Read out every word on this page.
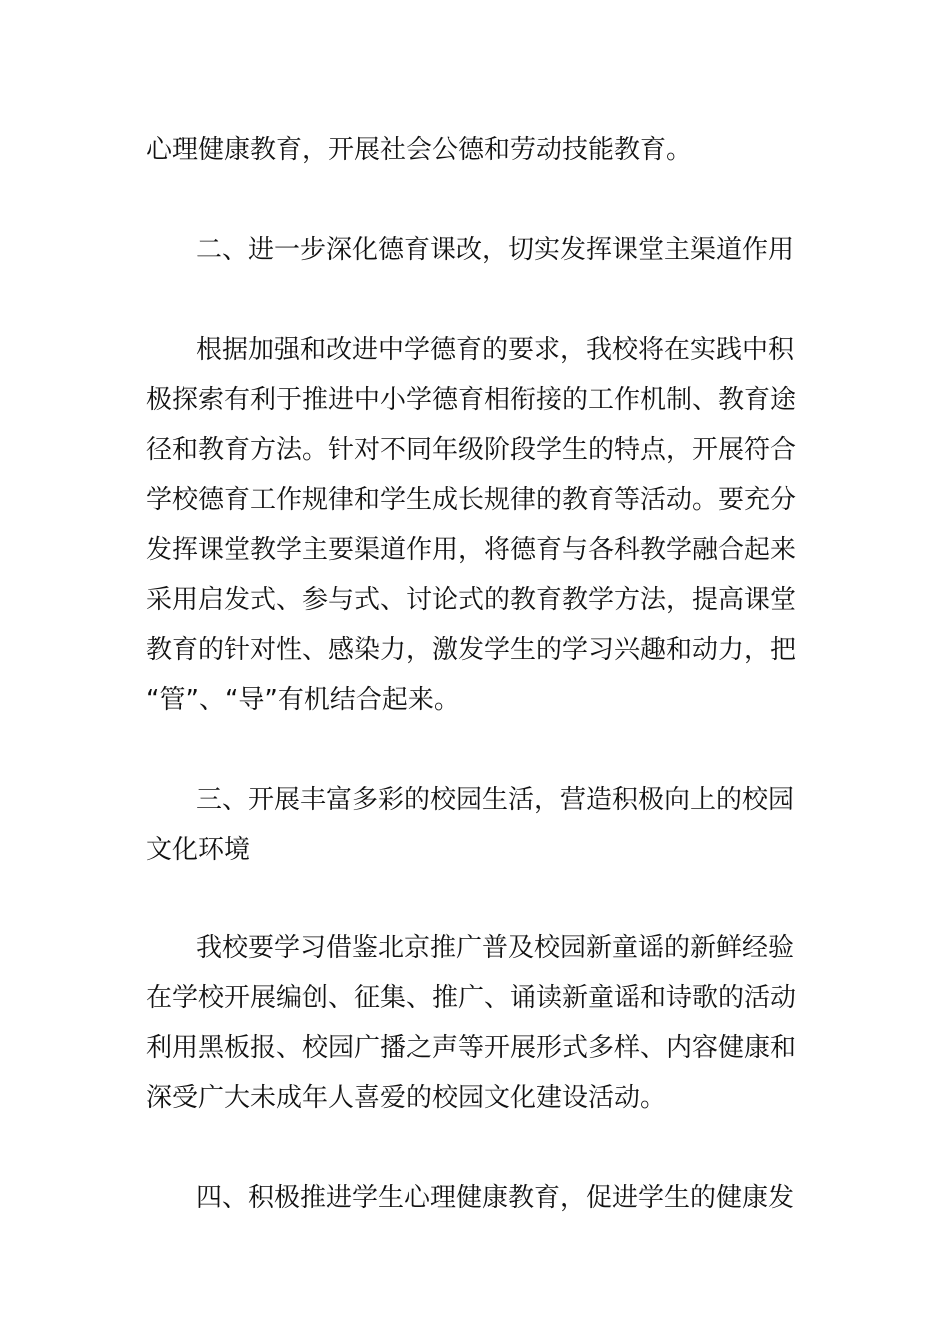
心理健康教育，开展社会公德和劳动技能教育。
二、进一步深化德育课改，切实发挥课堂主渠道作用
根据加强和改进中学德育的要求，我校将在实践中积
极探索有利于推进中小学德育相衔接的工作机制、教育途
径和教育方法。针对不同年级阶段学生的特点，开展符合
学校德育工作规律和学生成长规律的教育等活动。要充分
发挥课堂教学主要渠道作用，将德育与各科教学融合起来
采用启发式、参与式、讨论式的教育教学方法，提高课堂
教育的针对性、感染力，激发学生的学习兴趣和动力，把
“管”、“导”有机结合起来。
三、开展丰富多彩的校园生活，营造积极向上的校园
文化环境
我校要学习借鉴北京推广普及校园新童谣的新鲜经验
在学校开展编创、征集、推广、诵读新童谣和诗歌的活动
利用黑板报、校园广播之声等开展形式多样、内容健康和
深受广大未成年人喜爱的校园文化建设活动。
四、积极推进学生心理健康教育，促进学生的健康发
